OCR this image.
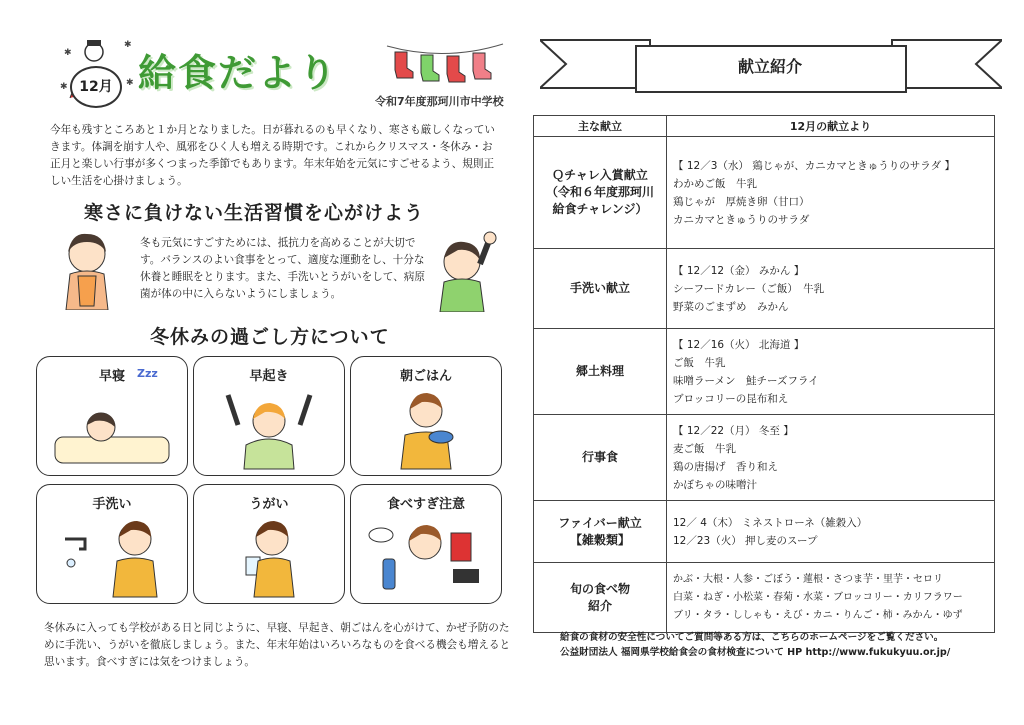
✱
✱
✱	✱
12月 給食だより
令和7年度那珂川市中学校
今年も残すところあと１か月となりました。日が暮れるのも早くなり、寒さも厳しくなっていきます。体調を崩す人や、風邪をひく人も増える時期です。これからクリスマス・冬休み・お正月と楽しい行事が多くつまった季節でもあります。年末年始を元気にすごせるよう、規則正しい生活を心掛けましょう。
寒さに負けない生活習慣を心がけよう
冬も元気にすごすためには、抵抗力を高めることが大切です。バランスのよい食事をとって、適度な運動をし、十分な休養と睡眠をとります。また、手洗いとうがいをして、病原菌が体の中に入らないようにしましょう。
冬休みの過ごし方について
早寝	Zzz	早起き	朝ごはん
手洗い	うがい	食べすぎ注意
冬休みに入っても学校がある日と同じように、早寝、早起き、朝ごはんを心がけて、かぜ予防のために手洗い、うがいを徹底しましょう。また、年末年始はいろいろなものを食べる機会も増えると思います。食べすぎには気をつけましょう。
献立紹介
主な献立	12月の献立より

Ｑチャレ入賞献立
（令和６年度那珂川
給食チャレンジ）	【 12／3（水） 鶏じゃが、カニカマときゅうりのサラダ 】
わかめご飯　牛乳
鶏じゃが　厚焼き卵（甘口）
カニカマときゅうりのサラダ

手洗い献立	【 12／12（金） みかん 】
シーフードカレー（ご飯）　牛乳
野菜のごまずめ　みかん

郷土料理	【 12／16（火） 北海道 】
ご飯　牛乳
味噌ラーメン　鮭チーズフライ
ブロッコリーの昆布和え

行事食	【 12／22（月） 冬至 】
麦ご飯　牛乳
鶏の唐揚げ　香り和え
かぼちゃの味噌汁

ファイバー献立
【雑穀類】	12／ 4（木） ミネストローネ（雑穀入）
12／23（火） 押し麦のスープ

旬の食べ物
紹介	かぶ・大根・人参・ごぼう・蓮根・さつま芋・里芋・セロリ
白菜・ねぎ・小松菜・春菊・水菜・ブロッコリー・カリフラワー
ブリ・タラ・ししゃも・えび・カニ・りんご・柿・みかん・ゆず
給食の食材の安全性についてご質問等ある方は、こちらのホームページをご覧ください。
公益財団法人 福岡県学校給食会の食材検査について HP http://www.fukukyuu.or.jp/
